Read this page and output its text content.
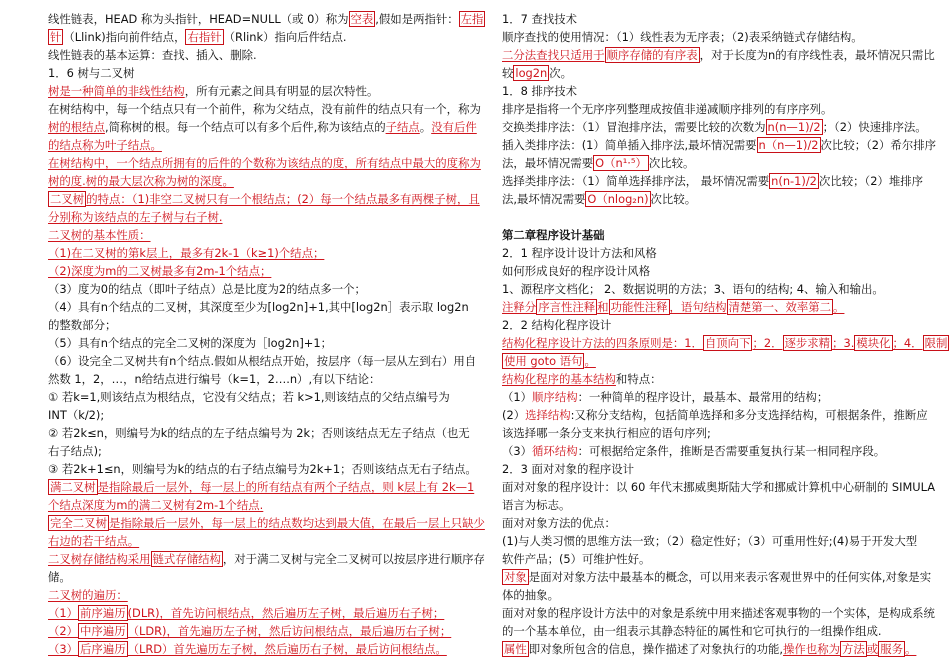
线性链表，HEAD 称为头指针，HEAD=NULL（或 0）称为 空表 ,假如是两指针： 左指
针 （Llink)指向前件结点， 右指针 （Rlink）指向后件结点.
线性链表的基本运算：查找、插入、删除.
1．6 树与二叉树
树是一种简单的非线性结构，所有元素之间具有明显的层次特性。
在树结构中，每一个结点只有一个前件，称为父结点，没有前件的结点只有一个，称为
树的根结点,简称树的根。每一个结点可以有多个后件,称为该结点的子结点。没有后件
的结点称为叶子结点。
在树结构中，一个结点所拥有的后件的个数称为该结点的度，所有结点中最大的度称为
树的度.树的最大层次称为树的深度。
二叉树 的特点：（1)非空二叉树只有一个根结点；(2）每一个结点最多有两棵子树，且
分别称为该结点的左子树与右子树.
二叉树的基本性质：
（1)在二叉树的第k层上，最多有2k-1（k≥1)个结点；
（2)深度为m的二叉树最多有2m-1个结点；
（3）度为0的结点（即叶子结点）总是比度为2的结点多一个；
（4）具有n个结点的二叉树，其深度至少为[log2n]+1,其中[log2n］表示取 log2n
的整数部分；
（5）具有n个结点的完全二叉树的深度为［log2n]+1；
（6）设完全二叉树共有n个结点.假如从根结点开始，按层序（每一层从左到右）用自
然数 1，2，…，n给结点进行编号（k=1，2….n）,有以下结论：
① 若k=1,则该结点为根结点，它没有父结点；若 k>1,则该结点的父结点编号为
INT（k/2);
② 若2k≤n，则编号为k的结点的左子结点编号为 2k；否则该结点无左子结点（也无
右子结点);
③ 若2k+1≤n，则编号为k的结点的右子结点编号为2k+1；否则该结点无右子结点。
满二叉树 是指除最后一层外，每一层上的所有结点有两个子结点，则 k层上有 2k—1
个结点深度为m的满二叉树有2m-1个结点.
完全二叉树 是指除最后一层外，每一层上的结点数均达到最大值，在最后一层上只缺少
右边的若干结点。
二叉树存储结构采用 链式存储结构 ，对于满二叉树与完全二叉树可以按层序进行顺序存
储。
二叉树的遍历：
（1） 前序遍历 (DLR)，首先访问根结点，然后遍历左子树，最后遍历右子树；
（2） 中序遍历 （LDR)，首先遍历左子树，然后访问根结点，最后遍历右子树；
（3） 后序遍历 （LRD）首先遍历左子树，然后遍历右子树，最后访问根结点。
1．7 查找技术
顺序查找的使用情况：（1）线性表为无序表；（2)表采纳链式存储结构。
二分法查找只适用于 顺序存储的有序表 ，对于长度为n的有序线性表，最坏情况只需比
较 log2n 次。
1．8 排序技术
排序是指将一个无序序列整理成按值非递减顺序排列的有序序列。
交换类排序法：（1）冒泡排序法，需要比较的次数为 n(n—1)/2 ；（2）快速排序法。
插入类排序法：(1）简单插入排序法,最坏情况需要 n（n—1)/2 次比较；（2）希尔排序
法，最坏情况需要 O（n¹·⁵） 次比较。
选择类排序法：（1）简单选择排序法， 最坏情况需要 n(n-1)/2 次比较；（2）堆排序
法,最坏情况需要 O（nlog₂n) 次比较。
第二章程序设计基础
2．1 程序设计设计方法和风格
如何形成良好的程序设计风格
1、源程序文档化； 2、数据说明的方法；3、语句的结构; 4、输入和输出。
注释分 序言性注释 和 功能性注释 ，语句结构 清楚第一、效率第二 。
2．2 结构化程序设计
结构化程序设计方法的四条原则是：1． 自顶向下 ；2． 逐步求精 ；3. 模块化 ；4． 限制
使用 goto 语句 。
结构化程序的基本结构和特点：
（1）顺序结构：一种简单的程序设计，最基本、最常用的结构；
(2）选择结构:又称分支结构，包括简单选择和多分支选择结构，可根据条件，推断应
该选择哪一条分支来执行相应的语句序列;
（3）循环结构：可根据给定条件，推断是否需要重复执行某一相同程序段。
2．3 面对对象的程序设计
面对对象的程序设计：以 60 年代末挪威奥斯陆大学和挪威计算机中心研制的 SIMULA
语言为标志。
面对对象方法的优点：
(1)与人类习惯的思维方法一致；（2）稳定性好；（3）可重用性好;(4)易于开发大型
软件产品；(5）可维护性好。
对象 是面对对象方法中最基本的概念，可以用来表示客观世界中的任何实体,对象是实
体的抽象。
面对对象的程序设计方法中的对象是系统中用来描述客观事物的一个实体，是构成系统
的一个基本单位，由一组表示其静态特征的属性和它可执行的一组操作组成.
属性 即对象所包含的信息，操作描述了对象执行的功能,操作也称为 方法 或 服务 。
